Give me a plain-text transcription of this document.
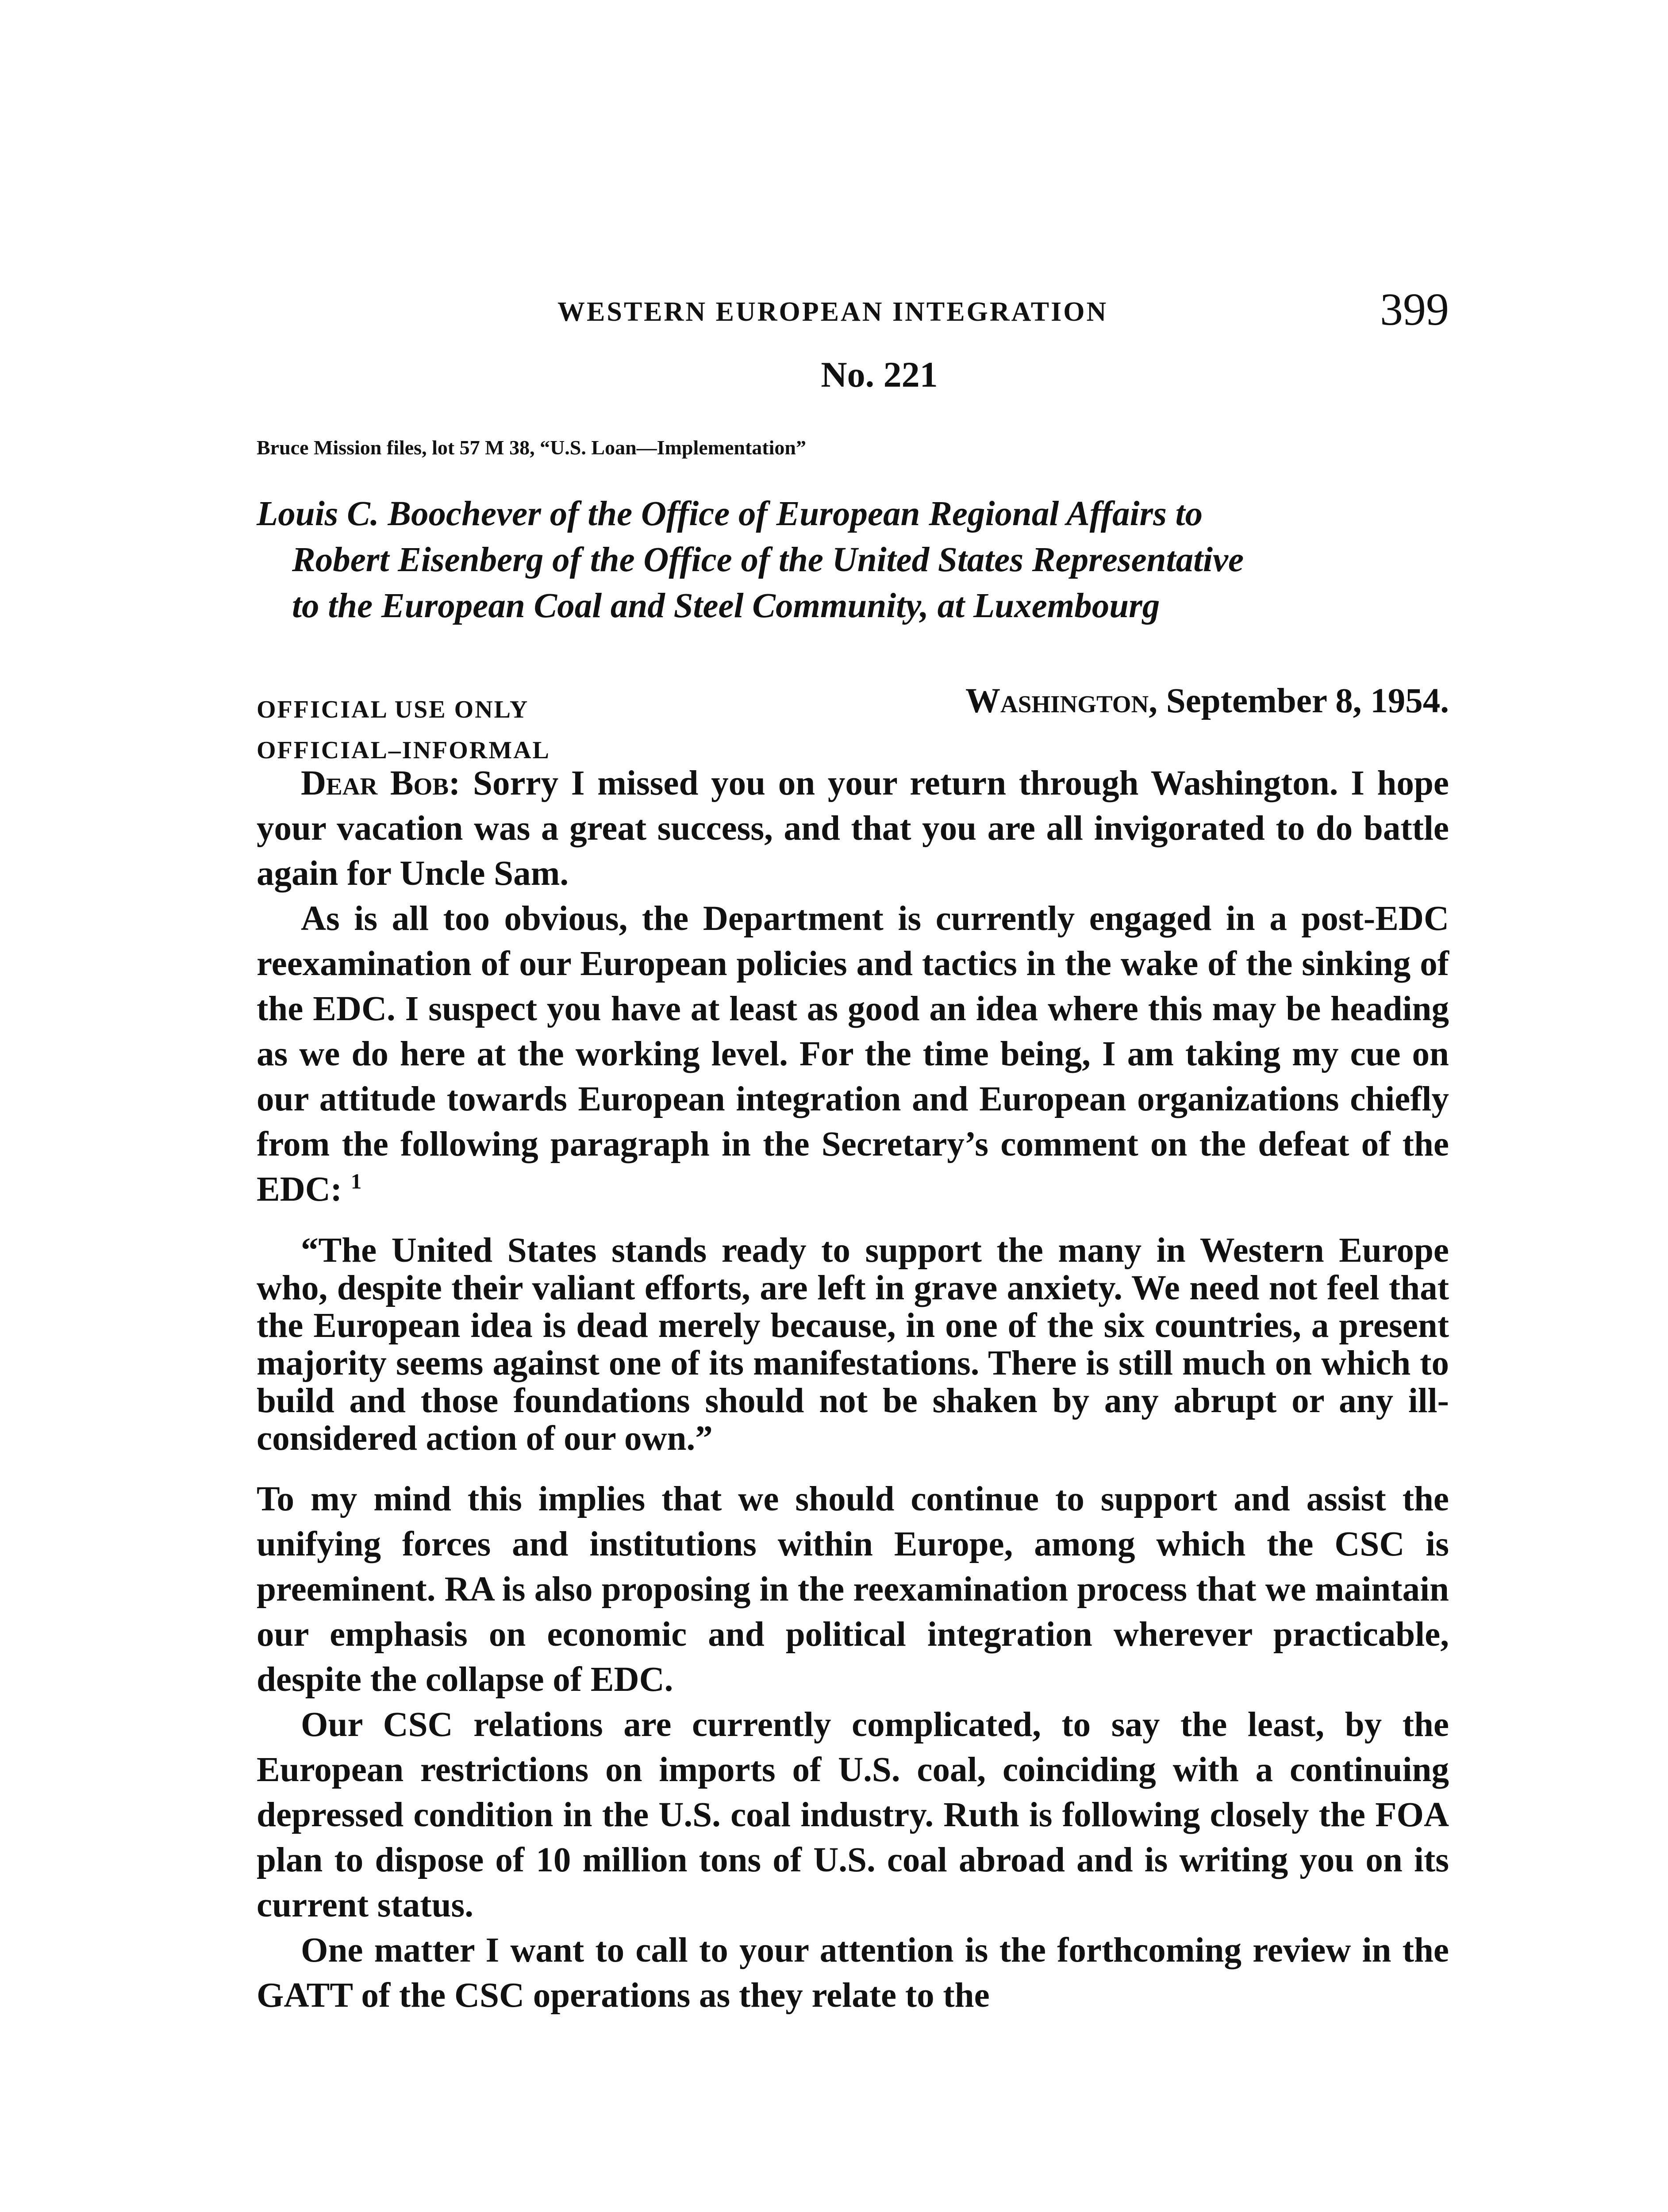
WESTERN EUROPEAN INTEGRATION	399
No. 221
Bruce Mission files, lot 57 M 38, “U.S. Loan—Implementation”
Louis C. Boochever of the Office of European Regional Affairs to
Robert Eisenberg of the Office of the United States Representative
to the European Coal and Steel Community, at Luxembourg
OFFICIAL USE ONLY
OFFICIAL–INFORMAL
Washington, September 8, 1954.

Dear Bob: Sorry I missed you on your return through Washington. I hope your vacation was a great success, and that you are all invigorated to do battle again for Uncle Sam.

As is all too obvious, the Department is currently engaged in a post-EDC reexamination of our European policies and tactics in the wake of the sinking of the EDC. I suspect you have at least as good an idea where this may be heading as we do here at the working level. For the time being, I am taking my cue on our attitude towards European integration and European organizations chiefly from the following paragraph in the Secretary’s comment on the defeat of the EDC: $^1$

“The United States stands ready to support the many in Western Europe who, despite their valiant efforts, are left in grave anxiety. We need not feel that the European idea is dead merely because, in one of the six countries, a present majority seems against one of its manifestations. There is still much on which to build and those foundations should not be shaken by any abrupt or any ill-considered action of our own.”

To my mind this implies that we should continue to support and assist the unifying forces and institutions within Europe, among which the CSC is preeminent. RA is also proposing in the reexamination process that we maintain our emphasis on economic and political integration wherever practicable, despite the collapse of EDC.

Our CSC relations are currently complicated, to say the least, by the European restrictions on imports of U.S. coal, coinciding with a continuing depressed condition in the U.S. coal industry. Ruth is following closely the FOA plan to dispose of 10 million tons of U.S. coal abroad and is writing you on its current status.

One matter I want to call to your attention is the forthcoming review in the GATT of the CSC operations as they relate to the
